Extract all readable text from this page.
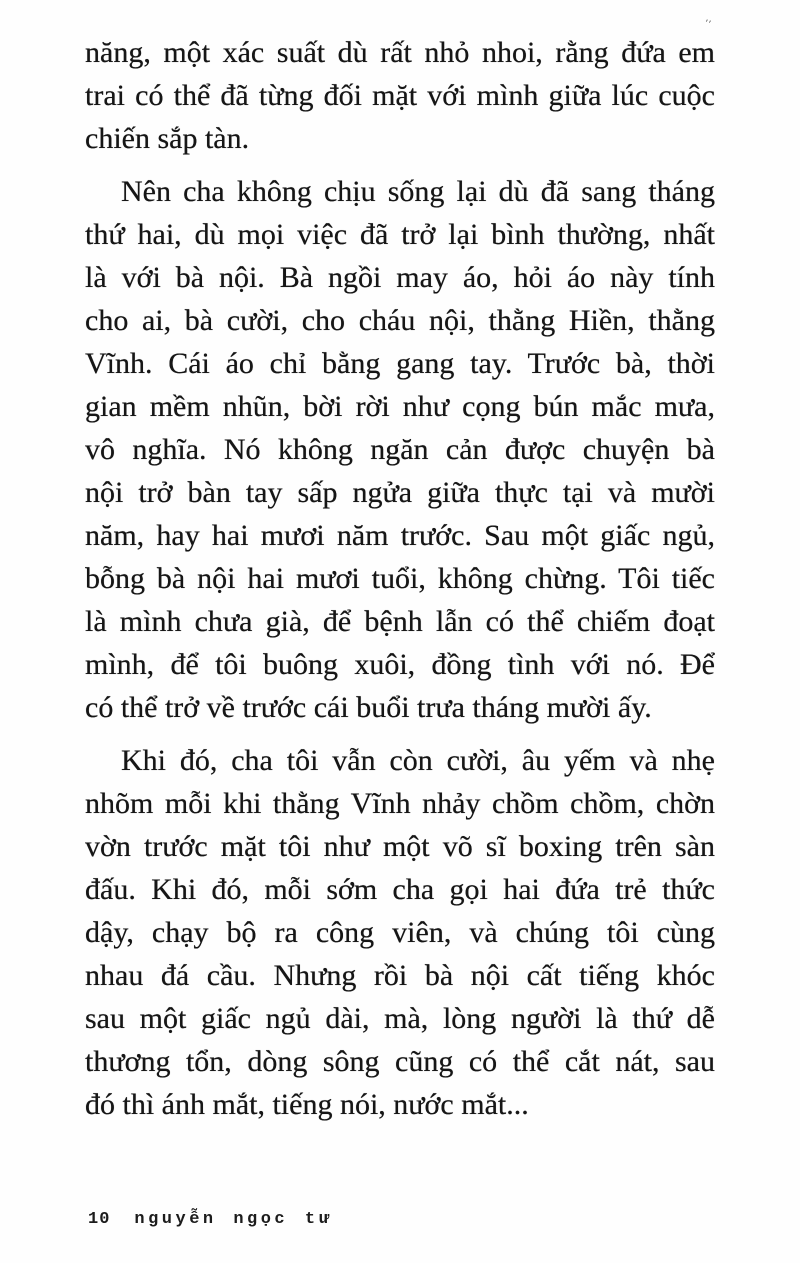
''
năng, một xác suất dù rất nhỏ nhoi, rằng đứa em
trai có thể đã từng đối mặt với mình giữa lúc cuộc
chiến sắp tàn.
Nên cha không chịu sống lại dù đã sang tháng
thứ hai, dù mọi việc đã trở lại bình thường, nhất
là với bà nội. Bà ngồi may áo, hỏi áo này tính
cho ai, bà cười, cho cháu nội, thằng Hiền, thằng
Vĩnh. Cái áo chỉ bằng gang tay. Trước bà, thời
gian mềm nhũn, bời rời như cọng bún mắc mưa,
vô nghĩa. Nó không ngăn cản được chuyện bà
nội trở bàn tay sấp ngửa giữa thực tại và mười
năm, hay hai mươi năm trước. Sau một giấc ngủ,
bỗng bà nội hai mươi tuổi, không chừng. Tôi tiếc
là mình chưa già, để bệnh lẫn có thể chiếm đoạt
mình, để tôi buông xuôi, đồng tình với nó. Để
có thể trở về trước cái buổi trưa tháng mười ấy.
Khi đó, cha tôi vẫn còn cười, âu yếm và nhẹ
nhõm mỗi khi thằng Vĩnh nhảy chồm chồm, chờn
vờn trước mặt tôi như một võ sĩ boxing trên sàn
đấu. Khi đó, mỗi sớm cha gọi hai đứa trẻ thức
dậy, chạy bộ ra công viên, và chúng tôi cùng
nhau đá cầu. Nhưng rồi bà nội cất tiếng khóc
sau một giấc ngủ dài, mà, lòng người là thứ dễ
thương tổn, dòng sông cũng có thể cắt nát, sau
đó thì ánh mắt, tiếng nói, nước mắt...
10 nguyễn ngọc tư
